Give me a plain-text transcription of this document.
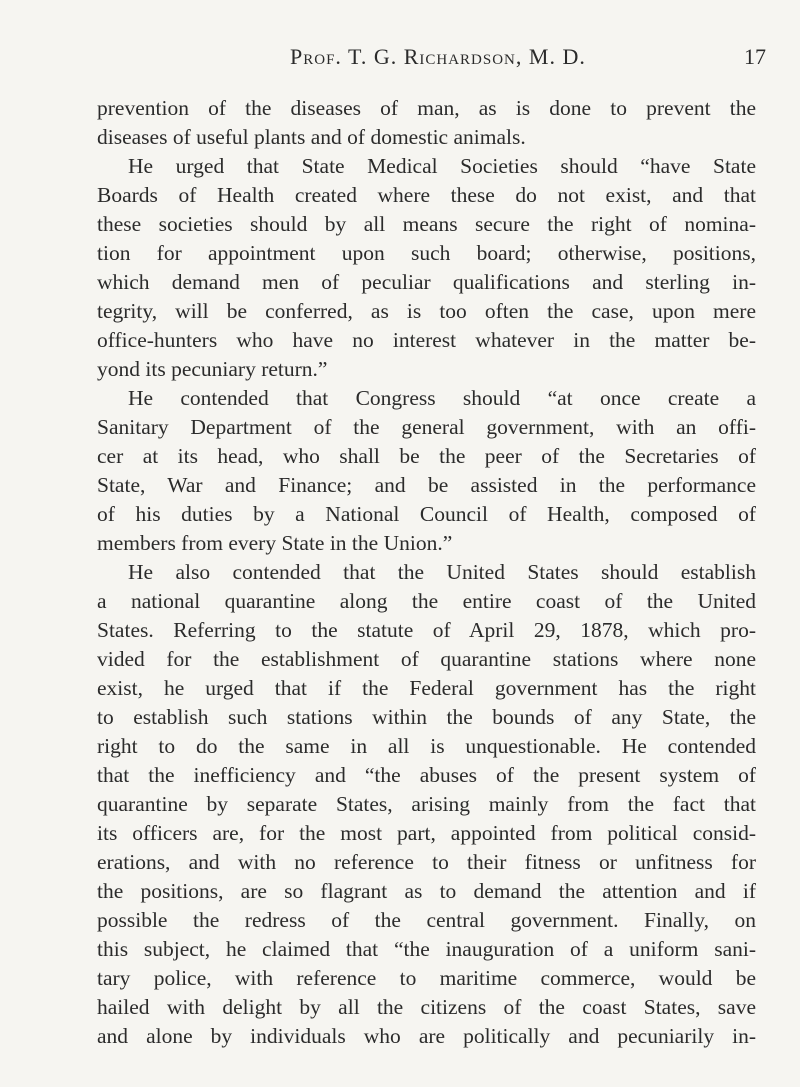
Prof. T. G. Richardson, M. D.	17
prevention of the diseases of man, as is done to prevent the
diseases of useful plants and of domestic animals.
He urged that State Medical Societies should “have State
Boards of Health created where these do not exist, and that
these societies should by all means secure the right of nomina-
tion for appointment upon such board; otherwise, positions,
which demand men of peculiar qualifications and sterling in-
tegrity, will be conferred, as is too often the case, upon mere
office-hunters who have no interest whatever in the matter be-
yond its pecuniary return.”
He contended that Congress should “at once create a
Sanitary Department of the general government, with an offi-
cer at its head, who shall be the peer of the Secretaries of
State, War and Finance; and be assisted in the performance
of his duties by a National Council of Health, composed of
members from every State in the Union.”
He also contended that the United States should establish
a national quarantine along the entire coast of the United
States. Referring to the statute of April 29, 1878, which pro-
vided for the establishment of quarantine stations where none
exist, he urged that if the Federal government has the right
to establish such stations within the bounds of any State, the
right to do the same in all is unquestionable. He contended
that the inefficiency and “the abuses of the present system of
quarantine by separate States, arising mainly from the fact that
its officers are, for the most part, appointed from political consid-
erations, and with no reference to their fitness or unfitness for
the positions, are so flagrant as to demand the attention and if
possible the redress of the central government. Finally, on
this subject, he claimed that “the inauguration of a uniform sani-
tary police, with reference to maritime commerce, would be
hailed with delight by all the citizens of the coast States, save
and alone by individuals who are politically and pecuniarily in-
